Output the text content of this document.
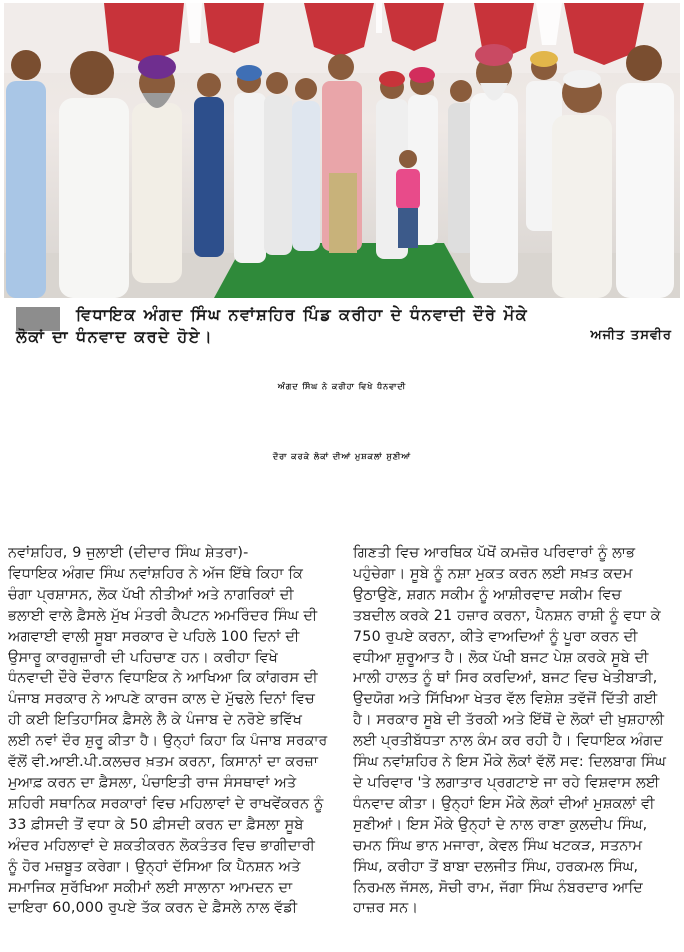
ਵਿਧਾਇਕ ਅੰਗਦ ਸਿੰਘ ਨਵਾਂਸ਼ਹਿਰ ਪਿੰਡ ਕਰੀਹਾ ਦੇ ਧੰਨਵਾਦੀ ਦੌਰੇ ਮੌਕੇ
ਲੋਕਾਂ ਦਾ ਧੰਨਵਾਦ ਕਰਦੇ ਹੋਏ।	ਅਜੀਤ ਤਸਵੀਰ
ਅੰਗਦ ਸਿੰਘ ਨੇ ਕਰੀਹਾ ਵਿਖੇ ਧੰਨਵਾਦੀ
ਦੌਰਾ ਕਰਕੇ ਲੋਕਾਂ ਦੀਆਂ ਮੁਸ਼ਕਲਾਂ ਸੁਣੀਆਂ
ਨਵਾਂਸ਼ਹਿਰ, 9 ਜੁਲਾਈ (ਦੀਦਾਰ ਸਿੰਘ ਸ਼ੇਤਰਾ)-
ਵਿਧਾਇਕ ਅੰਗਦ ਸਿੰਘ ਨਵਾਂਸ਼ਹਿਰ ਨੇ ਅੱਜ ਇੱਥੇ ਕਿਹਾ ਕਿ
ਚੰਗਾ ਪ੍ਰਸ਼ਾਸਨ, ਲੋਕ ਪੱਖੀ ਨੀਤੀਆਂ ਅਤੇ ਨਾਗਰਿਕਾਂ ਦੀ
ਭਲਾਈ ਵਾਲੇ ਫ਼ੈਸਲੇ ਮੁੱਖ ਮੰਤਰੀ ਕੈਪਟਨ ਅਮਰਿੰਦਰ ਸਿੰਘ ਦੀ
ਅਗਵਾਈ ਵਾਲੀ ਸੂਬਾ ਸਰਕਾਰ ਦੇ ਪਹਿਲੇ 100 ਦਿਨਾਂ ਦੀ
ਉਸਾਰੂ ਕਾਰਗੁਜ਼ਾਰੀ ਦੀ ਪਹਿਚਾਣ ਹਨ। ਕਰੀਹਾ ਵਿਖੇ
ਧੰਨਵਾਦੀ ਦੌਰੇ ਦੌਰਾਨ ਵਿਧਾਇਕ ਨੇ ਆਖਿਆ ਕਿ ਕਾਂਗਰਸ ਦੀ
ਪੰਜਾਬ ਸਰਕਾਰ ਨੇ ਆਪਣੇ ਕਾਰਜ ਕਾਲ ਦੇ ਮੁੱਢਲੇ ਦਿਨਾਂ ਵਿਚ
ਹੀ ਕਈ ਇਤਿਹਾਸਿਕ ਫ਼ੈਸਲੇ ਲੈ ਕੇ ਪੰਜਾਬ ਦੇ ਨਰੋਏ ਭਵਿੱਖ
ਲਈ ਨਵਾਂ ਦੌਰ ਸ਼ੁਰੂ ਕੀਤਾ ਹੈ। ਉਨ੍ਹਾਂ ਕਿਹਾ ਕਿ ਪੰਜਾਬ ਸਰਕਾਰ
ਵੱਲੋਂ ਵੀ.ਆਈ.ਪੀ.ਕਲਚਰ ਖ਼ਤਮ ਕਰਨਾ, ਕਿਸਾਨਾਂ ਦਾ ਕਰਜ਼ਾ
ਮੁਆਫ਼ ਕਰਨ ਦਾ ਫ਼ੈਸਲਾ, ਪੰਚਾਇਤੀ ਰਾਜ ਸੰਸਥਾਵਾਂ ਅਤੇ
ਸ਼ਹਿਰੀ ਸਥਾਨਿਕ ਸਰਕਾਰਾਂ ਵਿਚ ਮਹਿਲਾਵਾਂ ਦੇ ਰਾਖਵੇਂਕਰਨ ਨੂੰ
33 ਫ਼ੀਸਦੀ ਤੋਂ ਵਧਾ ਕੇ 50 ਫ਼ੀਸਦੀ ਕਰਨ ਦਾ ਫ਼ੈਸਲਾ ਸੂਬੇ
ਅੰਦਰ ਮਹਿਲਾਵਾਂ ਦੇ ਸ਼ਕਤੀਕਰਨ ਲੋਕਤੰਤਰ ਵਿਚ ਭਾਗੀਦਾਰੀ
ਨੂੰ ਹੋਰ ਮਜ਼ਬੂਤ ਕਰੇਗਾ। ਉਨ੍ਹਾਂ ਦੱਸਿਆ ਕਿ ਪੈਨਸ਼ਨ ਅਤੇ
ਸਮਾਜਿਕ ਸੁਰੱਖਿਆ ਸਕੀਮਾਂ ਲਈ ਸਾਲਾਨਾ ਆਮਦਨ ਦਾ
ਦਾਇਰਾ 60,000 ਰੁਪਏ ਤੱਕ ਕਰਨ ਦੇ ਫ਼ੈਸਲੇ ਨਾਲ ਵੱਡੀ
ਗਿਣਤੀ ਵਿਚ ਆਰਥਿਕ ਪੱਖੋਂ ਕਮਜ਼ੋਰ ਪਰਿਵਾਰਾਂ ਨੂੰ ਲਾਭ
ਪਹੁੰਚੇਗਾ। ਸੂਬੇ ਨੂੰ ਨਸ਼ਾ ਮੁਕਤ ਕਰਨ ਲਈ ਸਖ਼ਤ ਕਦਮ
ਉਠਾਉਣੇ, ਸ਼ਗਨ ਸਕੀਮ ਨੂੰ ਆਸ਼ੀਰਵਾਦ ਸਕੀਮ ਵਿਚ
ਤਬਦੀਲ ਕਰਕੇ 21 ਹਜ਼ਾਰ ਕਰਨਾ, ਪੈਨਸ਼ਨ ਰਾਸ਼ੀ ਨੂੰ ਵਧਾ ਕੇ
750 ਰੁਪਏ ਕਰਨਾ, ਕੀਤੇ ਵਾਅਦਿਆਂ ਨੂੰ ਪੂਰਾ ਕਰਨ ਦੀ
ਵਧੀਆ ਸ਼ੁਰੂਆਤ ਹੈ। ਲੋਕ ਪੱਖੀ ਬਜਟ ਪੇਸ਼ ਕਰਕੇ ਸੂਬੇ ਦੀ
ਮਾਲੀ ਹਾਲਤ ਨੂੰ ਥਾਂ ਸਿਰ ਕਰਦਿਆਂ, ਬਜਟ ਵਿਚ ਖੇਤੀਬਾੜੀ,
ਉਦਯੋਗ ਅਤੇ ਸਿੱਖਿਆ ਖੇਤਰ ਵੱਲ ਵਿਸ਼ੇਸ਼ ਤਵੱਜੋਂ ਦਿੱਤੀ ਗਈ
ਹੈ। ਸਰਕਾਰ ਸੂਬੇ ਦੀ ਤੱਰਕੀ ਅਤੇ ਇੱਥੋਂ ਦੇ ਲੋਕਾਂ ਦੀ ਖ਼ੁਸ਼ਹਾਲੀ
ਲਈ ਪ੍ਰਤੀਬੱਧਤਾ ਨਾਲ ਕੰਮ ਕਰ ਰਹੀ ਹੈ। ਵਿਧਾਇਕ ਅੰਗਦ
ਸਿੰਘ ਨਵਾਂਸ਼ਹਿਰ ਨੇ ਇਸ ਮੌਕੇ ਲੋਕਾਂ ਵੱਲੋਂ ਸਵ: ਦਿਲਬਾਗ ਸਿੰਘ
ਦੇ ਪਰਿਵਾਰ 'ਤੇ ਲਗਾਤਾਰ ਪ੍ਰਗਟਾਏ ਜਾ ਰਹੇ ਵਿਸ਼ਵਾਸ ਲਈ
ਧੰਨਵਾਦ ਕੀਤਾ। ਉਨ੍ਹਾਂ ਇਸ ਮੌਕੇ ਲੋਕਾਂ ਦੀਆਂ ਮੁਸ਼ਕਲਾਂ ਵੀ
ਸੁਣੀਆਂ। ਇਸ ਮੌਕੇ ਉਨ੍ਹਾਂ ਦੇ ਨਾਲ ਰਾਣਾ ਕੁਲਦੀਪ ਸਿੰਘ,
ਚਮਨ ਸਿੰਘ ਭਾਨ ਮਜਾਰਾ, ਕੇਵਲ ਸਿੰਘ ਖਟਕੜ, ਸਤਨਾਮ
ਸਿੰਘ, ਕਰੀਹਾ ਤੋਂ ਬਾਬਾ ਦਲਜੀਤ ਸਿੰਘ, ਹਰਕਮਲ ਸਿੰਘ,
ਨਿਰਮਲ ਜੱਸਲ, ਸੋਚੀ ਰਾਮ, ਜੱਗਾ ਸਿੰਘ ਨੰਬਰਦਾਰ ਆਦਿ
ਹਾਜ਼ਰ ਸਨ।
